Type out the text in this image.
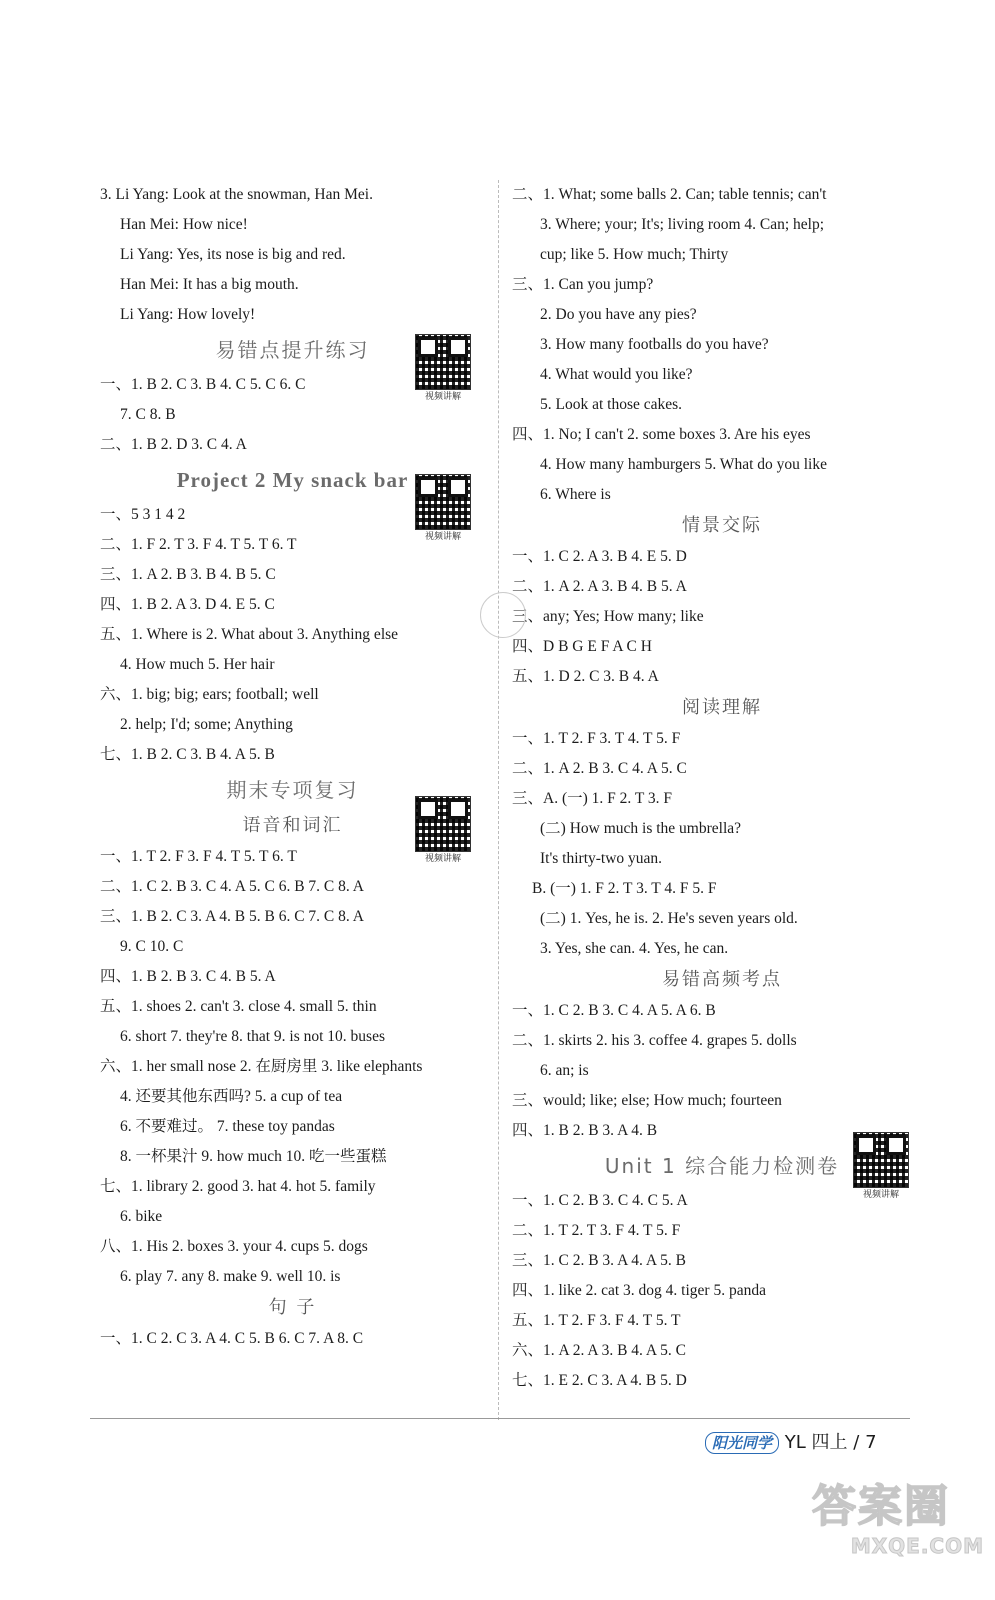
3. Li Yang: Look at the snowman, Han Mei.
Han Mei: How nice!
Li Yang: Yes, its nose is big and red.
Han Mei: It has a big mouth.
Li Yang: How lovely!
易错点提升练习
一、1. B 2. C 3. B 4. C 5. C 6. C
7. C 8. B
二、1. B 2. D 3. C 4. A
Project 2 My snack bar
一、5 3 1 4 2
二、1. F 2. T 3. F 4. T 5. T 6. T
三、1. A 2. B 3. B 4. B 5. C
四、1. B 2. A 3. D 4. E 5. C
五、1. Where is 2. What about 3. Anything else
4. How much 5. Her hair
六、1. big; big; ears; football; well
2. help; I'd; some; Anything
七、1. B 2. C 3. B 4. A 5. B
期末专项复习
语音和词汇
一、1. T 2. F 3. F 4. T 5. T 6. T
二、1. C 2. B 3. C 4. A 5. C 6. B 7. C 8. A
三、1. B 2. C 3. A 4. B 5. B 6. C 7. C 8. A
9. C 10. C
四、1. B 2. B 3. C 4. B 5. A
五、1. shoes 2. can't 3. close 4. small 5. thin
6. short 7. they're 8. that 9. is not 10. buses
六、1. her small nose 2. 在厨房里 3. like elephants
4. 还要其他东西吗? 5. a cup of tea
6. 不要难过。 7. these toy pandas
8. 一杯果汁 9. how much 10. 吃一些蛋糕
七、1. library 2. good 3. hat 4. hot 5. family
6. bike
八、1. His 2. boxes 3. your 4. cups 5. dogs
6. play 7. any 8. make 9. well 10. is
句 子
一、1. C 2. C 3. A 4. C 5. B 6. C 7. A 8. C
二、1. What; some balls 2. Can; table tennis; can't
3. Where; your; It's; living room 4. Can; help;
cup; like 5. How much; Thirty
三、1. Can you jump?
2. Do you have any pies?
3. How many footballs do you have?
4. What would you like?
5. Look at those cakes.
四、1. No; I can't 2. some boxes 3. Are his eyes
4. How many hamburgers 5. What do you like
6. Where is
情景交际
一、1. C 2. A 3. B 4. E 5. D
二、1. A 2. A 3. B 4. B 5. A
三、any; Yes; How many; like
四、D B G E F A C H
五、1. D 2. C 3. B 4. A
阅读理解
一、1. T 2. F 3. T 4. T 5. F
二、1. A 2. B 3. C 4. A 5. C
三、A. (一) 1. F 2. T 3. F
(二) How much is the umbrella?
It's thirty-two yuan.
B. (一) 1. F 2. T 3. T 4. F 5. F
(二) 1. Yes, he is. 2. He's seven years old.
3. Yes, she can. 4. Yes, he can.
易错高频考点
一、1. C 2. B 3. C 4. A 5. A 6. B
二、1. skirts 2. his 3. coffee 4. grapes 5. dolls
6. an; is
三、would; like; else; How much; fourteen
四、1. B 2. B 3. A 4. B
Unit 1 综合能力检测卷
一、1. C 2. B 3. C 4. C 5. A
二、1. T 2. T 3. F 4. T 5. F
三、1. C 2. B 3. A 4. A 5. B
四、1. like 2. cat 3. dog 4. tiger 5. panda
五、1. T 2. F 3. F 4. T 5. T
六、1. A 2. A 3. B 4. A 5. C
七、1. E 2. C 3. A 4. B 5. D
视频讲解
视频讲解
视频讲解
视频讲解
阳光同学 YL 四上 / 7
答案圈
MXQE.COM
